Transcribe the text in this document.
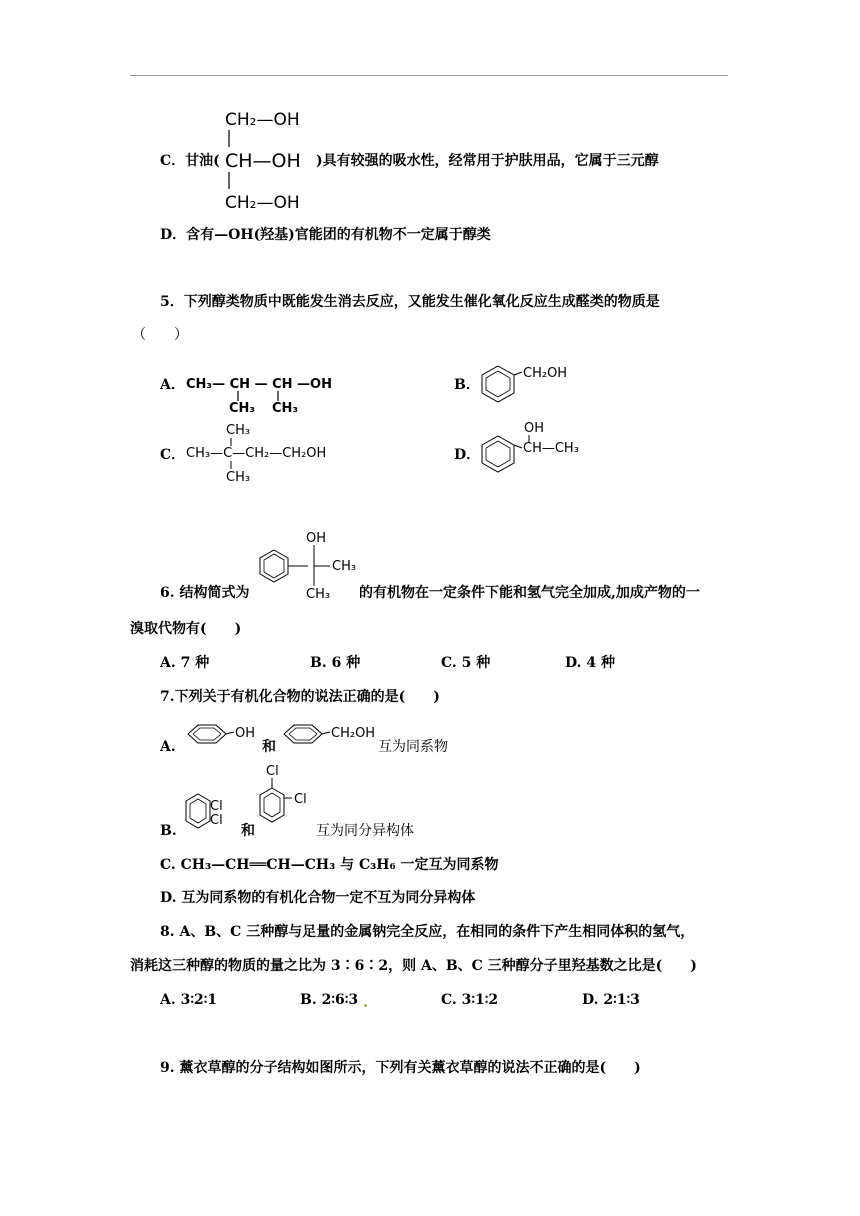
CH₂—OH
CH—OH
CH₂—OH
C．甘油(	)具有较强的吸水性，经常用于护肤用品，它属于三元醇
D．含有—OH(羟基)官能团的有机物不一定属于醇类
5．下列醇类物质中既能发生消去反应，又能发生催化氧化反应生成醛类的物质是
（　　）
A． CH₃— CH — CH —OH
CH₃ CH₃
B．
CH₂OH
C．
CH₃
CH₃—C—CH₂—CH₂OH
CH₃
D．
OH
CH—CH₃
OH
CH₃
CH₃
6. 结构简式为	的有机物在一定条件下能和氢气完全加成,加成产物的一
溴取代物有(　　)
A. 7 种	B. 6 种	C. 5 种	D. 4 种
7.下列关于有机化合物的说法正确的是(　　)
A.
OH
和
CH₂OH
互为同系物
B.
Cl
Cl
和
Cl
Cl
互为同分异构体
C. CH₃—CH══CH—CH₃ 与 C₃H₆ 一定互为同系物
D. 互为同系物的有机化合物一定不互为同分异构体
8. A、B、C 三种醇与足量的金属钠完全反应，在相同的条件下产生相同体积的氢气，
消耗这三种醇的物质的量之比为 3∶6∶2，则 A、B、C 三种醇分子里羟基数之比是(　　)
A. 3∶2∶1	B. 2∶6∶3	C. 3∶1∶2	D. 2∶1∶3
9. 薰衣草醇的分子结构如图所示，下列有关薰衣草醇的说法不正确的是(　　)
